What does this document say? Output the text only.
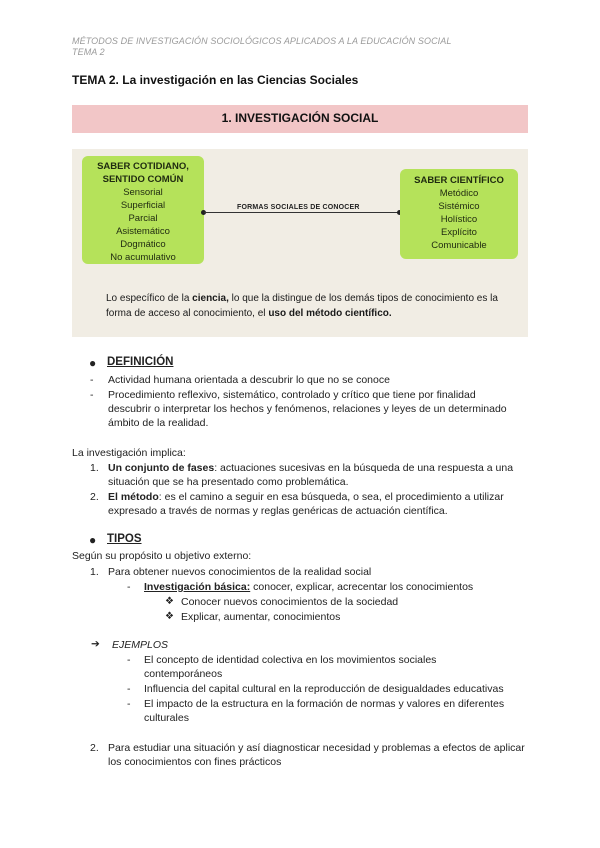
MÉTODOS DE INVESTIGACIÓN SOCIOLÓGICOS APLICADOS A LA EDUCACIÓN SOCIAL
TEMA 2
TEMA 2. La investigación en las Ciencias Sociales
1. INVESTIGACIÓN SOCIAL
SABER COTIDIANO,
SENTIDO COMÚN
Sensorial
Superficial
Parcial
Asistemático
Dogmático
No acumulativo
FORMAS SOCIALES DE CONOCER
SABER CIENTÍFICO
Metódico
Sistémico
Holístico
Explícito
Comunicable
Lo específico de la ciencia, lo que la distingue de los demás tipos de conocimiento es la forma de acceso al conocimiento, el uso del método científico.
● DEFINICIÓN
- Actividad humana orientada a descubrir lo que no se conoce
- Procedimiento reflexivo, sistemático, controlado y crítico que tiene por finalidad descubrir o interpretar los hechos y fenómenos, relaciones y leyes de un determinado ámbito de la realidad.
La investigación implica:
1. Un conjunto de fases: actuaciones sucesivas en la búsqueda de una respuesta a una situación que se ha presentado como problemática.
2. El método: es el camino a seguir en esa búsqueda, o sea, el procedimiento a utilizar expresado a través de normas y reglas genéricas de actuación científica.
● TIPOS
Según su propósito u objetivo externo:
1. Para obtener nuevos conocimientos de la realidad social
- Investigación básica: conocer, explicar, acrecentar los conocimientos
❖ Conocer nuevos conocimientos de la sociedad
❖ Explicar, aumentar, conocimientos
➔ EJEMPLOS
- El concepto de identidad colectiva en los movimientos sociales contemporáneos
- Influencia del capital cultural en la reproducción de desigualdades educativas
- El impacto de la estructura en la formación de normas y valores en diferentes culturales
2. Para estudiar una situación y así diagnosticar necesidad y problemas a efectos de aplicar los conocimientos con fines prácticos
